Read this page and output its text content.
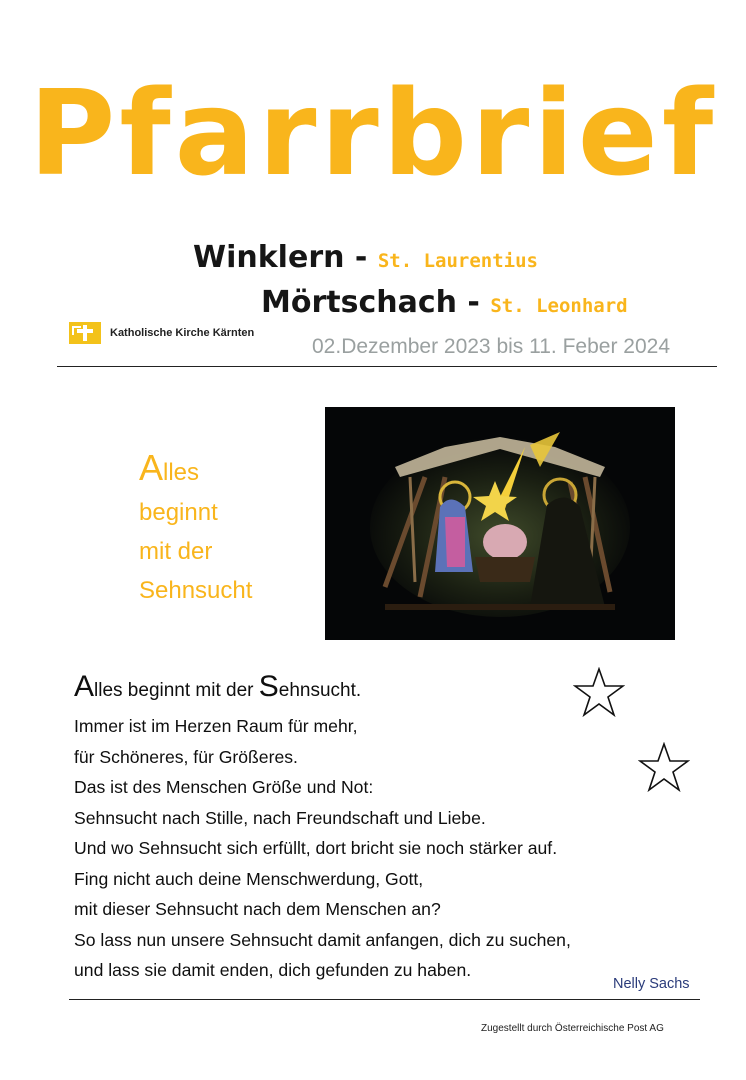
Pfarrbrief
Winklern - St. Laurentius
Mörtschach - St. Leonhard
Katholische Kirche Kärnten
02.Dezember 2023 bis 11. Feber 2024
Alles
beginnt
mit der
Sehnsucht
Alles beginnt mit der Sehnsucht.
Immer ist im Herzen Raum für mehr,
für Schöneres, für Größeres.
Das ist des Menschen Größe und Not:
Sehnsucht nach Stille, nach Freundschaft und Liebe.
Und wo Sehnsucht sich erfüllt, dort bricht sie noch stärker auf.
Fing nicht auch deine Menschwerdung, Gott,
mit dieser Sehnsucht nach dem Menschen an?
So lass nun unsere Sehnsucht damit anfangen, dich zu suchen,
und lass sie damit enden, dich gefunden zu haben.
Nelly Sachs
Zugestellt durch Österreichische Post AG
